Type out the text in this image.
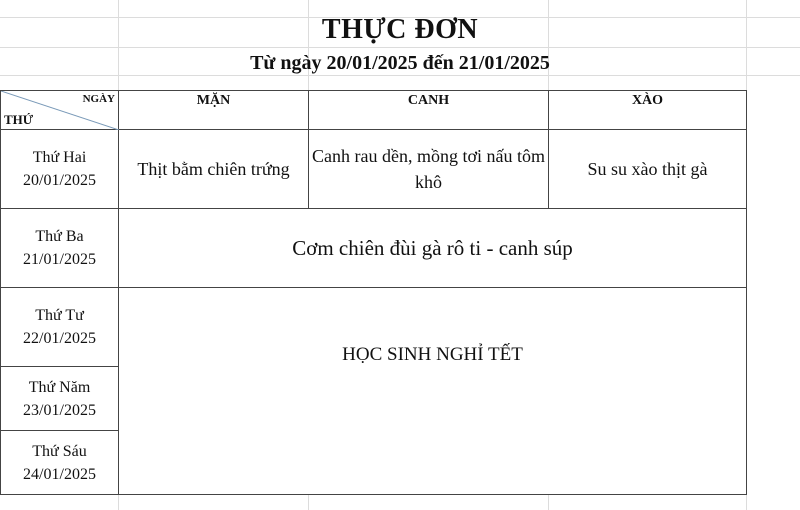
THỰC ĐƠN
Từ ngày 20/01/2025 đến 21/01/2025
NGÀY
THỨ	MẶN	CANH	XÀO

Thứ Hai
20/01/2025	Thịt bằm chiên trứng	Canh rau dền, mồng tơi nấu tôm khô	Su su xào thịt gà

Thứ Ba
21/01/2025	Cơm chiên đùi gà rô ti - canh súp		

Thứ Tư
22/01/2025	HỌC SINH NGHỈ TẾT		

Thứ Năm
23/01/2025			

Thứ Sáu
24/01/2025			
